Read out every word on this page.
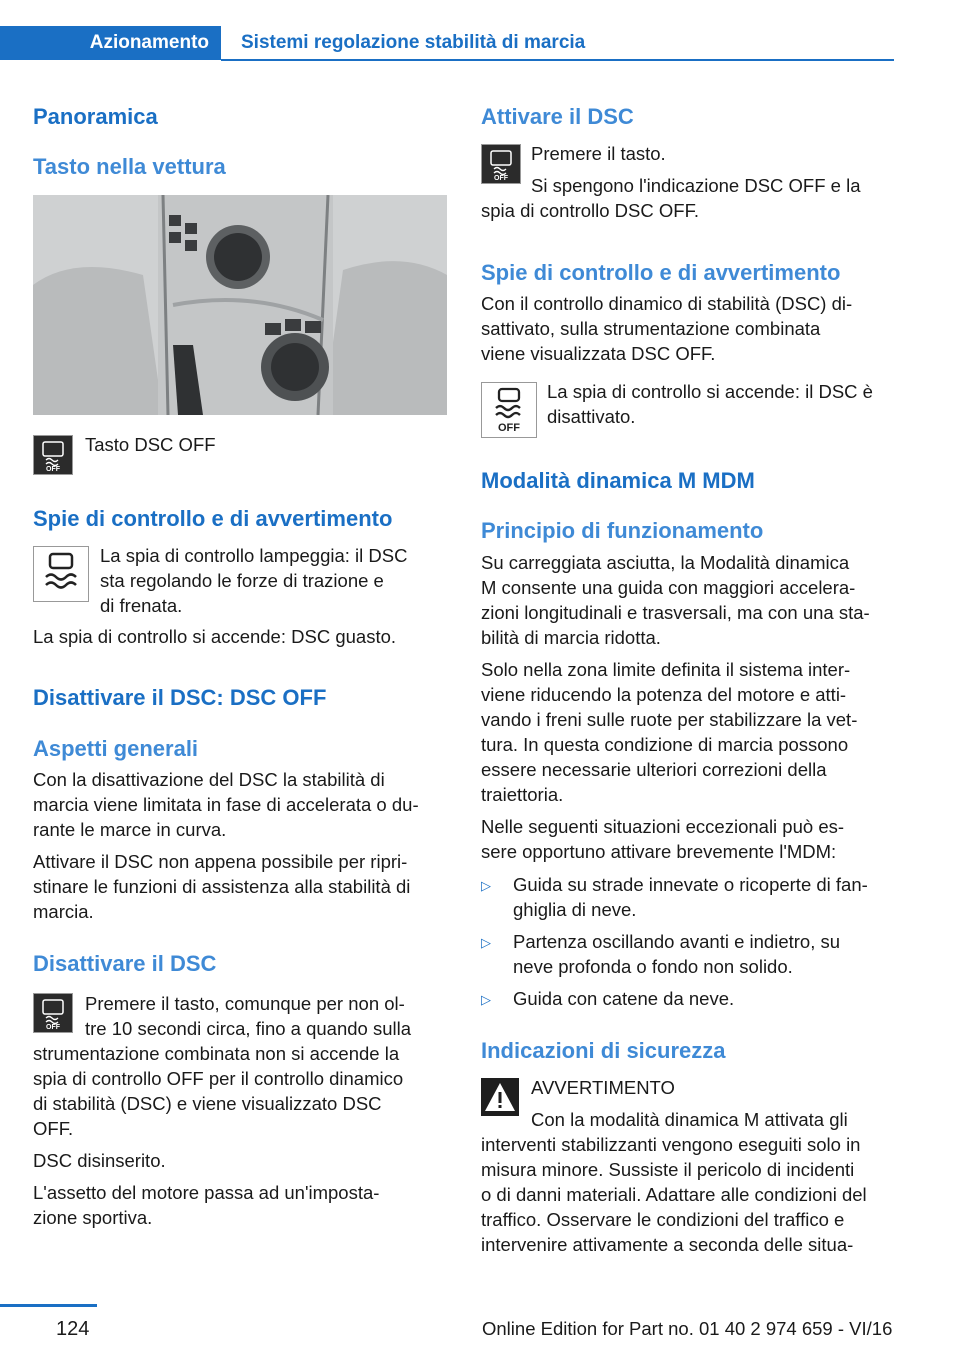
Azionamento	Sistemi regolazione stabilità di marcia
Panoramica
Tasto nella vettura
OFF
Tasto DSC OFF
Spie di controllo e di avvertimento
La spia di controllo lampeggia: il DSC
sta regolando le forze di trazione e
di frenata.
La spia di controllo si accende: DSC guasto.
Disattivare il DSC: DSC OFF
Aspetti generali
Con la disattivazione del DSC la stabilità di
marcia viene limitata in fase di accelerata o du‐
rante le marce in curva.
Attivare il DSC non appena possibile per ripri‐
stinare le funzioni di assistenza alla stabilità di
marcia.
Disattivare il DSC
OFF
Premere il tasto, comunque per non ol‐
tre 10 secondi circa, fino a quando sulla
strumentazione combinata non si accende la
spia di controllo OFF per il controllo dinamico
di stabilità (DSC) e viene visualizzato DSC
OFF.
DSC disinserito.
L'assetto del motore passa ad un'imposta‐
zione sportiva.
Attivare il DSC
OFF
Premere il tasto.
Si spengono l'indicazione DSC OFF e la
spia di controllo DSC OFF.
Spie di controllo e di avvertimento
Con il controllo dinamico di stabilità (DSC) di‐
sattivato, sulla strumentazione combinata
viene visualizzata DSC OFF.
OFF
La spia di controllo si accende: il DSC è
disattivato.
Modalità dinamica M MDM
Principio di funzionamento
Su carreggiata asciutta, la Modalità dinamica
M consente una guida con maggiori accelera‐
zioni longitudinali e trasversali, ma con una sta‐
bilità di marcia ridotta.
Solo nella zona limite definita il sistema inter‐
viene riducendo la potenza del motore e atti‐
vando i freni sulle ruote per stabilizzare la vet‐
tura. In questa condizione di marcia possono
essere necessarie ulteriori correzioni della
traiettoria.
Nelle seguenti situazioni eccezionali può es‐
sere opportuno attivare brevemente l'MDM:
▷ Guida su strade innevate o ricoperte di fan‐
ghiglia di neve.
▷ Partenza oscillando avanti e indietro, su
neve profonda o fondo non solido.
▷ Guida con catene da neve.
Indicazioni di sicurezza
AVVERTIMENTO
Con la modalità dinamica M attivata gli
interventi stabilizzanti vengono eseguiti solo in
misura minore. Sussiste il pericolo di incidenti
o di danni materiali. Adattare alle condizioni del
traffico. Osservare le condizioni del traffico e
intervenire attivamente a seconda delle situa‐
124	Online Edition for Part no. 01 40 2 974 659 - VI/16
